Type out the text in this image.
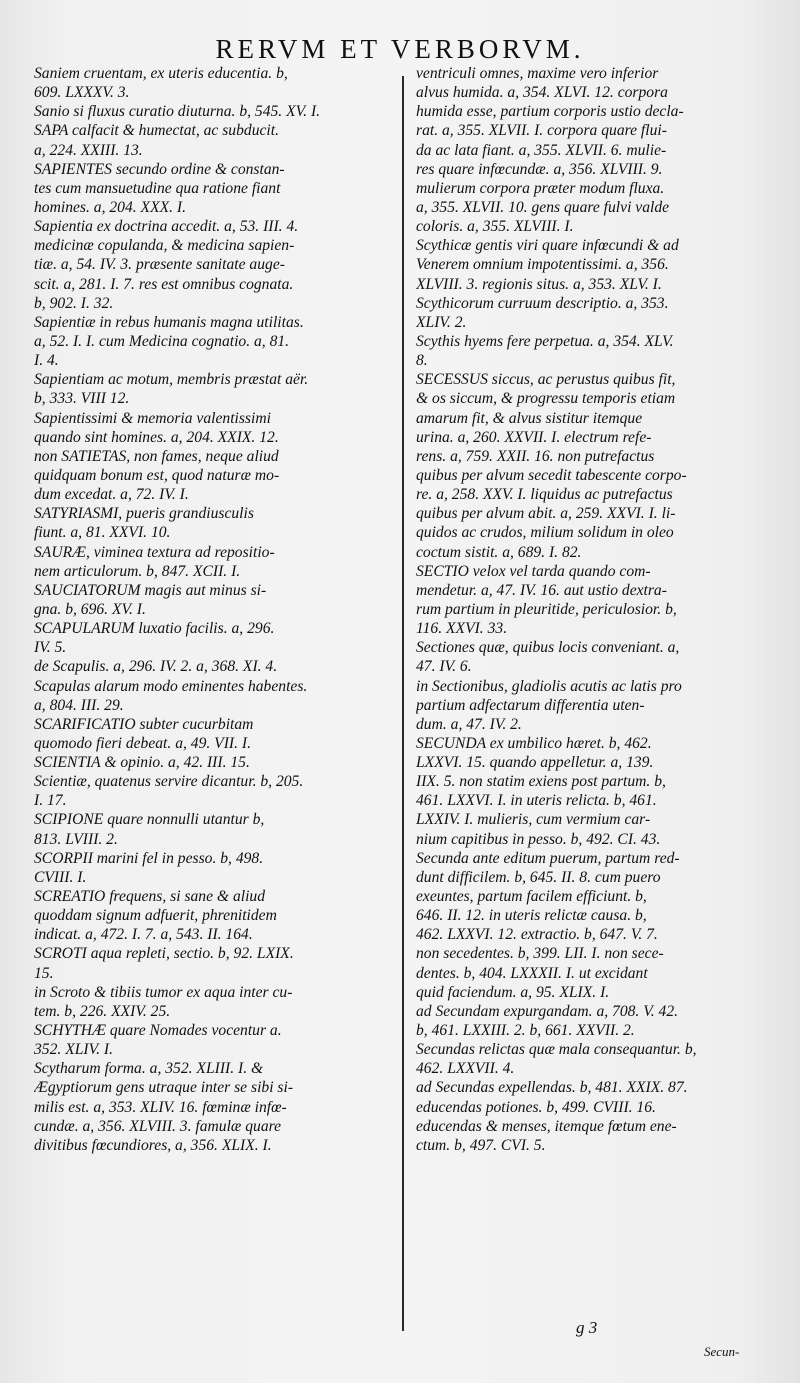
RERVM ET VERBORVM.
Saniem cruentam, ex uteris educentia. b,
609. LXXXV. 3.
Sanio si fluxus curatio diuturna. b, 545. XV. I.
SAPA calfacit & humectat, ac subducit.
a, 224. XXIII. 13.
SAPIENTES secundo ordine & constan-
tes cum mansuetudine qua ratione fiant
homines. a, 204. XXX. I.
Sapientia ex doctrina accedit. a, 53. III. 4.
medicinæ copulanda, & medicina sapien-
tiæ. a, 54. IV. 3. præsente sanitate auge-
scit. a, 281. I. 7. res est omnibus cognata.
b, 902. I. 32.
Sapientiæ in rebus humanis magna utilitas.
a, 52. I. I. cum Medicina cognatio. a, 81.
I. 4.
Sapientiam ac motum, membris præstat aër.
b, 333. VIII 12.
Sapientissimi & memoria valentissimi
quando sint homines. a, 204. XXIX. 12.
non SATIETAS, non fames, neque aliud
quidquam bonum est, quod naturæ mo-
dum excedat. a, 72. IV. I.
SATYRIASMI, pueris grandiusculis
fiunt. a, 81. XXVI. 10.
SAURÆ, viminea textura ad repositio-
nem articulorum. b, 847. XCII. I.
SAUCIATORUM magis aut minus si-
gna. b, 696. XV. I.
SCAPULARUM luxatio facilis. a, 296.
IV. 5.
de Scapulis. a, 296. IV. 2. a, 368. XI. 4.
Scapulas alarum modo eminentes habentes.
a, 804. III. 29.
SCARIFICATIO subter cucurbitam
quomodo fieri debeat. a, 49. VII. I.
SCIENTIA & opinio. a, 42. III. 15.
Scientiæ, quatenus servire dicantur. b, 205.
I. 17.
SCIPIONE quare nonnulli utantur b,
813. LVIII. 2.
SCORPII marini fel in pesso. b, 498.
CVIII. I.
SCREATIO frequens, si sane & aliud
quoddam signum adfuerit, phrenitidem
indicat. a, 472. I. 7. a, 543. II. 164.
SCROTI aqua repleti, sectio. b, 92. LXIX.
15.
in Scroto & tibiis tumor ex aqua inter cu-
tem. b, 226. XXIV. 25.
SCHYTHÆ quare Nomades vocentur a.
352. XLIV. I.
Scytharum forma. a, 352. XLIII. I. &
Ægyptiorum gens utraque inter se sibi si-
milis est. a, 353. XLIV. 16. fœminæ infœ-
cundæ. a, 356. XLVIII. 3. famulæ quare
divitibus fœcundiores, a, 356. XLIX. I.
ventriculi omnes, maxime vero inferior
alvus humida. a, 354. XLVI. 12. corpora
humida esse, partium corporis ustio decla-
rat. a, 355. XLVII. I. corpora quare flui-
da ac lata fiant. a, 355. XLVII. 6. mulie-
res quare infœcundæ. a, 356. XLVIII. 9.
mulierum corpora præter modum fluxa.
a, 355. XLVII. 10. gens quare fulvi valde
coloris. a, 355. XLVIII. I.
Scythicæ gentis viri quare infœcundi & ad
Venerem omnium impotentissimi. a, 356.
XLVIII. 3. regionis situs. a, 353. XLV. I.
Scythicorum curruum descriptio. a, 353.
XLIV. 2.
Scythis hyems fere perpetua. a, 354. XLV.
8.
SECESSUS siccus, ac perustus quibus fit,
& os siccum, & progressu temporis etiam
amarum fit, & alvus sistitur itemque
urina. a, 260. XXVII. I. electrum refe-
rens. a, 759. XXII. 16. non putrefactus
quibus per alvum secedit tabescente corpo-
re. a, 258. XXV. I. liquidus ac putrefactus
quibus per alvum abit. a, 259. XXVI. I. li-
quidos ac crudos, milium solidum in oleo
coctum sistit. a, 689. I. 82.
SECTIO velox vel tarda quando com-
mendetur. a, 47. IV. 16. aut ustio dextra-
rum partium in pleuritide, periculosior. b,
116. XXVI. 33.
Sectiones quæ, quibus locis conveniant. a,
47. IV. 6.
in Sectionibus, gladiolis acutis ac latis pro
partium adfectarum differentia uten-
dum. a, 47. IV. 2.
SECUNDA ex umbilico hæret. b, 462.
LXXVI. 15. quando appelletur. a, 139.
IIX. 5. non statim exiens post partum. b,
461. LXXVI. I. in uteris relicta. b, 461.
LXXIV. I. mulieris, cum vermium car-
nium capitibus in pesso. b, 492. CI. 43.
Secunda ante editum puerum, partum red-
dunt difficilem. b, 645. II. 8. cum puero
exeuntes, partum facilem efficiunt. b,
646. II. 12. in uteris relictæ causa. b,
462. LXXVI. 12. extractio. b, 647. V. 7.
non secedentes. b, 399. LII. I. non sece-
dentes. b, 404. LXXXII. I. ut excidant
quid faciendum. a, 95. XLIX. I.
ad Secundam expurgandam. a, 708. V. 42.
b, 461. LXXIII. 2. b, 661. XXVII. 2.
Secundas relictas quæ mala consequantur. b,
462. LXXVII. 4.
ad Secundas expellendas. b, 481. XXIX. 87.
educendas potiones. b, 499. CVIII. 16.
educendas & menses, itemque fœtum ene-
ctum. b, 497. CVI. 5.
g 3
Secun-
